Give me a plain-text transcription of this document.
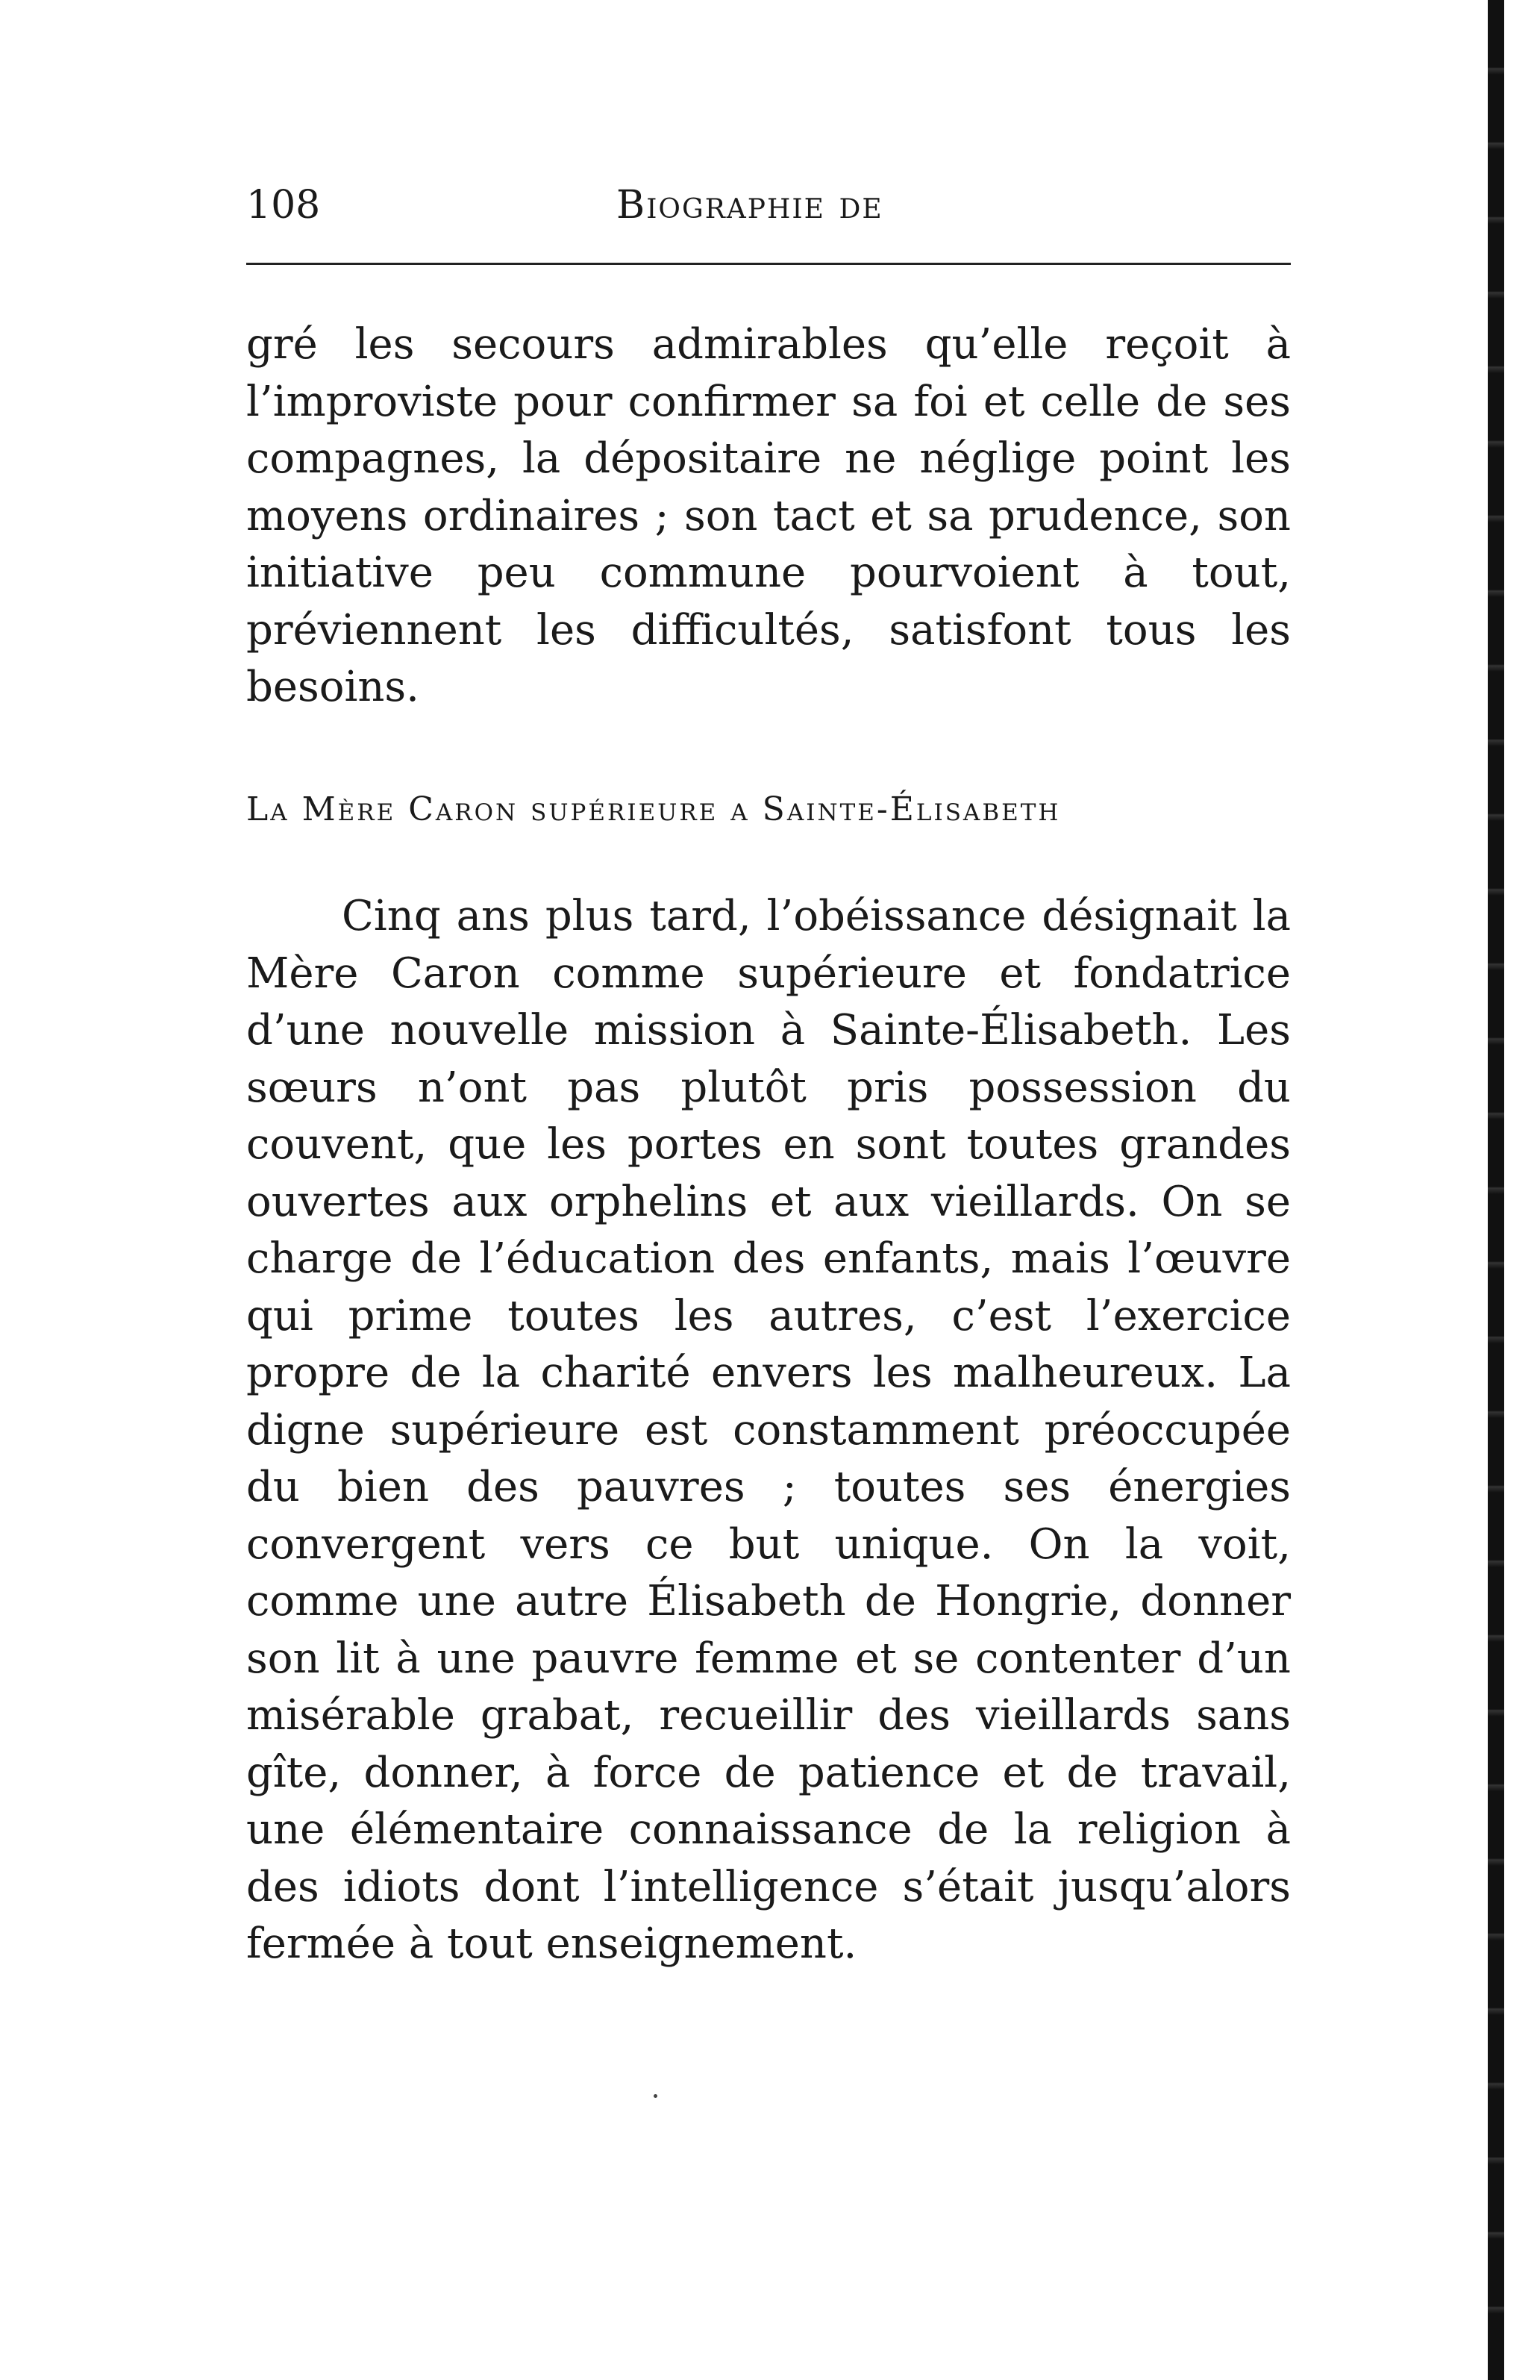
108	Biographie de

gré les secours admirables qu’elle reçoit à l’improviste pour confirmer sa foi et celle de ses compagnes, la dépositaire ne néglige point les moyens ordinaires ; son tact et sa prudence, son initiative peu commune pourvoient à tout, préviennent les difficultés, satisfont tous les besoins.

La Mère Caron supérieure a Sainte-Élisabeth

Cinq ans plus tard, l’obéissance désignait la Mère Caron comme supérieure et fondatrice d’une nouvelle mission à Sainte-Élisabeth. Les sœurs n’ont pas plutôt pris possession du couvent, que les portes en sont toutes grandes ouvertes aux orphelins et aux vieillards. On se charge de l’éducation des enfants, mais l’œuvre qui prime toutes les autres, c’est l’exercice propre de la charité envers les malheureux. La digne supérieure est constamment préoccupée du bien des pauvres ; toutes ses énergies convergent vers ce but unique. On la voit, comme une autre Élisabeth de Hongrie, donner son lit à une pauvre femme et se contenter d’un misérable grabat, recueillir des vieillards sans gîte, donner, à force de patience et de travail, une élémentaire connaissance de la religion à des idiots dont l’intelligence s’était jusqu’alors fermée à tout enseignement.
